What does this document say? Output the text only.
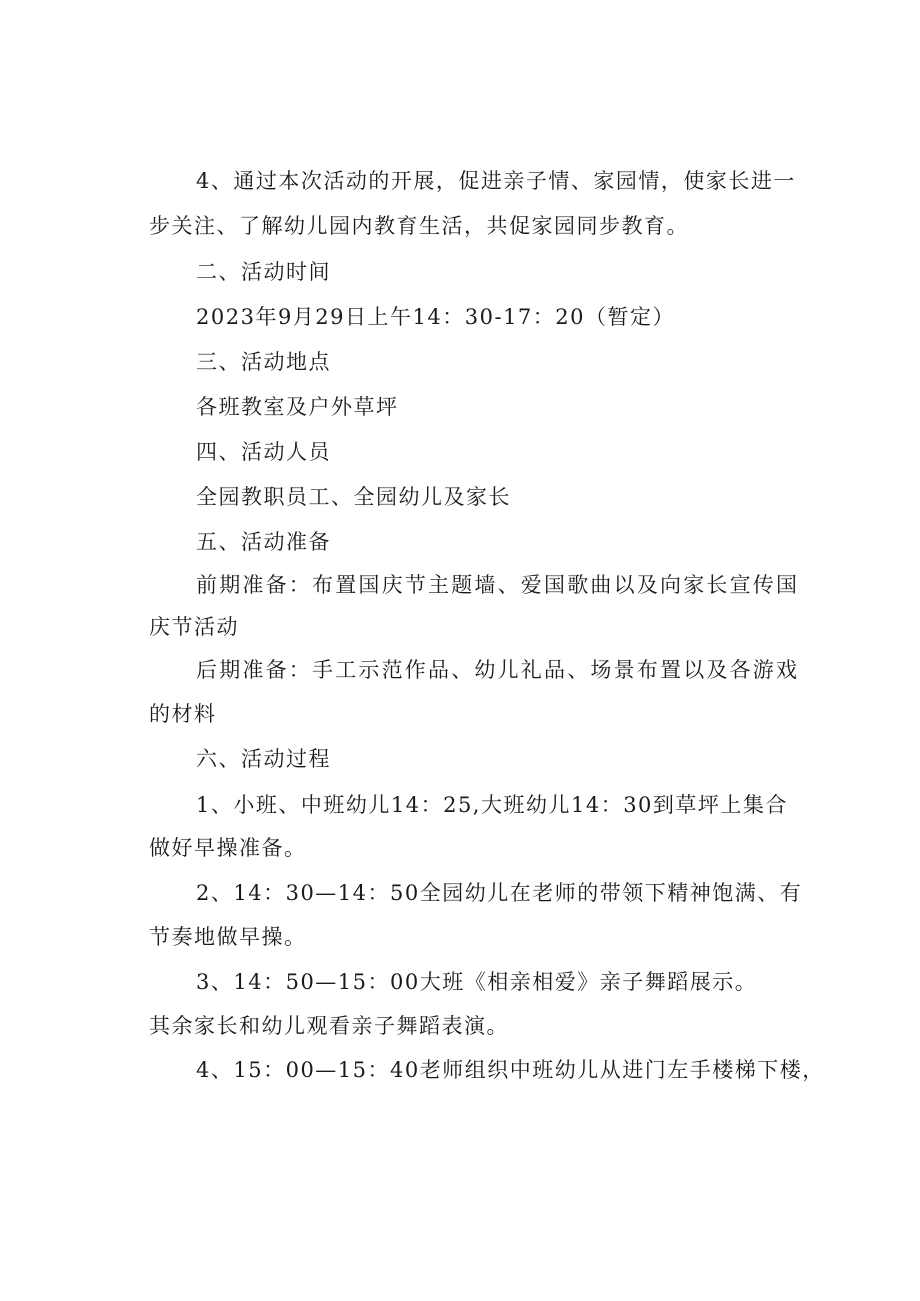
4、通过本次活动的开展，促进亲子情、家园情，使家长进一
步关注、了解幼儿园内教育生活，共促家园同步教育。
二、活动时间
2023年9月29日上午14：30-17：20（暂定）
三、活动地点
各班教室及户外草坪
四、活动人员
全园教职员工、全园幼儿及家长
五、活动准备
前期准备：布置国庆节主题墙、爱国歌曲以及向家长宣传国
庆节活动
后期准备：手工示范作品、幼儿礼品、场景布置以及各游戏
的材料
六、活动过程
1、小班、中班幼儿14：25,大班幼儿14：30到草坪上集合
做好早操准备。
2、14：30—14：50全园幼儿在老师的带领下精神饱满、有
节奏地做早操。
3、14：50—15：00大班《相亲相爱》亲子舞蹈展示。
其余家长和幼儿观看亲子舞蹈表演。
4、15：00—15：40老师组织中班幼儿从进门左手楼梯下楼，
